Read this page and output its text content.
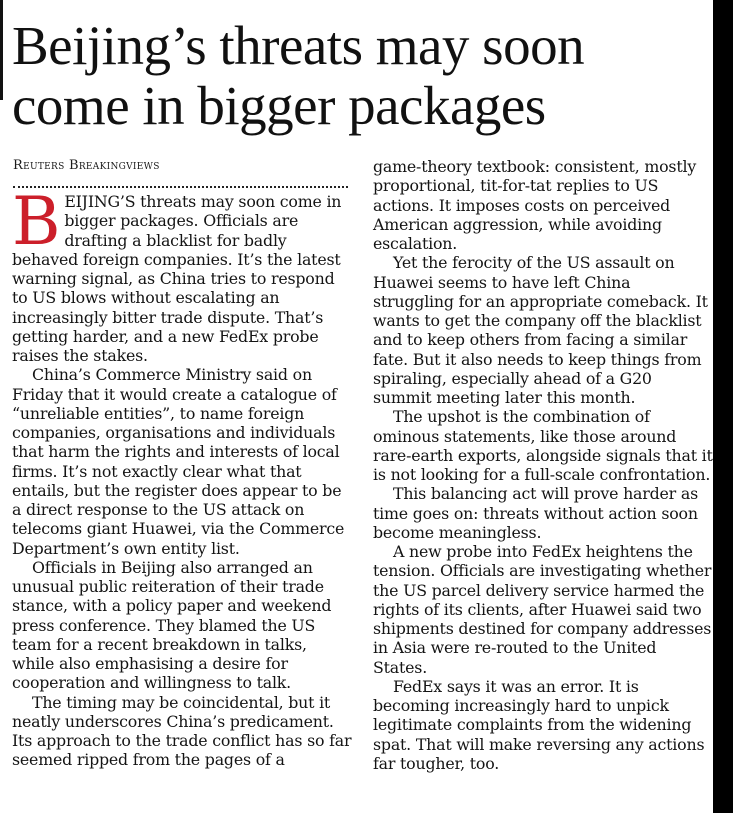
Beijing’s threats may soon come in bigger packages
Reuters Breakingviews

BEIJING’S threats may soon come in bigger packages. Officials are drafting a blacklist for badly behaved foreign companies. It’s the latest warning signal, as China tries to respond to US blows without escalating an increasingly bitter trade dispute. That’s getting harder, and a new FedEx probe raises the stakes.

China’s Commerce Ministry said on Friday that it would create a catalogue of “unreliable entities”, to name foreign companies, organisations and individuals that harm the rights and interests of local firms. It’s not exactly clear what that entails, but the register does appear to be a direct response to the US attack on telecoms giant Huawei, via the Commerce Department’s own entity list.

Officials in Beijing also arranged an unusual public reiteration of their trade stance, with a policy paper and weekend press conference. They blamed the US team for a recent breakdown in talks, while also emphasising a desire for cooperation and willingness to talk.

The timing may be coincidental, but it neatly underscores China’s predicament. Its approach to the trade conflict has so far seemed ripped from the pages of a

game-theory textbook: consistent, mostly proportional, tit-for-tat replies to US actions. It imposes costs on perceived American aggression, while avoiding escalation.

Yet the ferocity of the US assault on Huawei seems to have left China struggling for an appropriate comeback. It wants to get the company off the blacklist and to keep others from facing a similar fate. But it also needs to keep things from spiraling, especially ahead of a G20 summit meeting later this month.

The upshot is the combination of ominous statements, like those around rare-earth exports, alongside signals that it is not looking for a full-scale confrontation.

This balancing act will prove harder as time goes on: threats without action soon become meaningless.

A new probe into FedEx heightens the tension. Officials are investigating whether the US parcel delivery service harmed the rights of its clients, after Huawei said two shipments destined for company addresses in Asia were re-routed to the United States.

FedEx says it was an error. It is becoming increasingly hard to unpick legitimate complaints from the widening spat. That will make reversing any actions far tougher, too.
